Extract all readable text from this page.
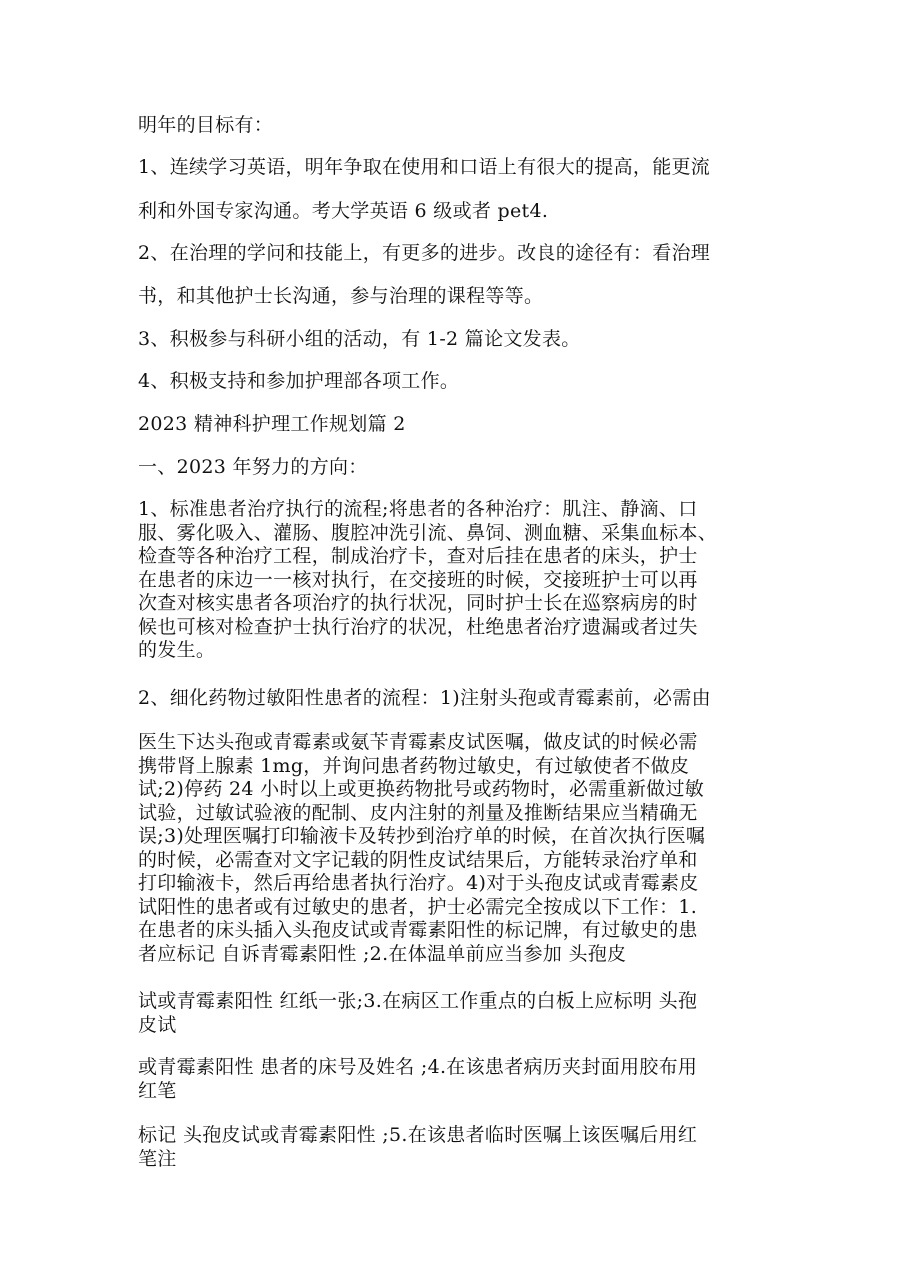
明年的目标有：

1、连续学习英语，明年争取在使用和口语上有很大的提高，能更流

利和外国专家沟通。考大学英语 6 级或者 pet4.

2、在治理的学问和技能上，有更多的进步。改良的途径有：看治理

书，和其他护士长沟通，参与治理的课程等等。

3、积极参与科研小组的活动，有 1-2 篇论文发表。

4、积极支持和参加护理部各项工作。

2023 精神科护理工作规划篇 2

一、2023 年努力的方向：

1、标准患者治疗执行的流程;将患者的各种治疗：肌注、静滴、口
服、雾化吸入、灌肠、腹腔冲洗引流、鼻饲、测血糖、采集血标本、
检查等各种治疗工程，制成治疗卡，查对后挂在患者的床头，护士
在患者的床边一一核对执行，在交接班的时候，交接班护士可以再
次查对核实患者各项治疗的执行状况，同时护士长在巡察病房的时
候也可核对检查护士执行治疗的状况，杜绝患者治疗遗漏或者过失
的发生。

2、细化药物过敏阳性患者的流程：1)注射头孢或青霉素前，必需由

医生下达头孢或青霉素或氨苄青霉素皮试医嘱，做皮试的时候必需
携带肾上腺素 1mg，并询问患者药物过敏史，有过敏使者不做皮
试;2)停药 24 小时以上或更换药物批号或药物时，必需重新做过敏
试验，过敏试验液的配制、皮内注射的剂量及推断结果应当精确无
误;3)处理医嘱打印输液卡及转抄到治疗单的时候，在首次执行医嘱
的时候，必需查对文字记载的阴性皮试结果后，方能转录治疗单和
打印输液卡，然后再给患者执行治疗。4)对于头孢皮试或青霉素皮
试阳性的患者或有过敏史的患者，护士必需完全按成以下工作：1.
在患者的床头插入头孢皮试或青霉素阳性的标记牌，有过敏史的患
者应标记 自诉青霉素阳性 ;2.在体温单前应当参加 头孢皮

试或青霉素阳性 红纸一张;3.在病区工作重点的白板上应标明 头孢
皮试

或青霉素阳性 患者的床号及姓名 ;4.在该患者病历夹封面用胶布用
红笔

标记 头孢皮试或青霉素阳性 ;5.在该患者临时医嘱上该医嘱后用红
笔注
